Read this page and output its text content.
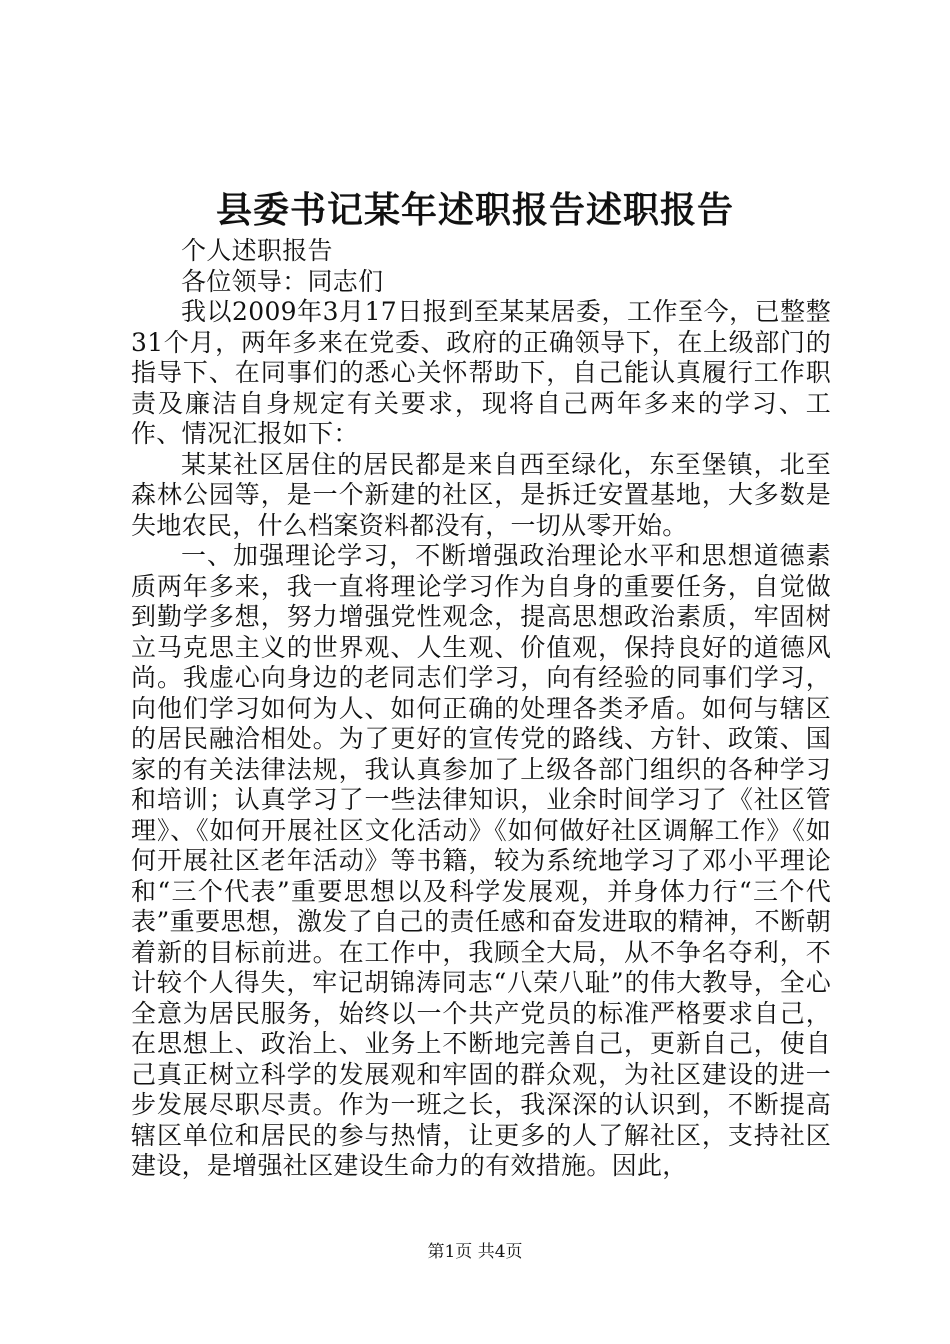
县委书记某年述职报告述职报告

个人述职报告

各位领导：同志们

我以2009年3月17日报到至某某居委，工作至今，已整整31个月，两年多来在党委、政府的正确领导下，在上级部门的指导下、在同事们的悉心关怀帮助下，自己能认真履行工作职责及廉洁自身规定有关要求，现将自己两年多来的学习、工作、情况汇报如下：

某某社区居住的居民都是来自西至绿化，东至堡镇，北至森林公园等，是一个新建的社区，是拆迁安置基地，大多数是失地农民，什么档案资料都没有，一切从零开始。

一、加强理论学习，不断增强政治理论水平和思想道德素质两年多来，我一直将理论学习作为自身的重要任务，自觉做到勤学多想，努力增强党性观念，提高思想政治素质，牢固树立马克思主义的世界观、人生观、价值观，保持良好的道德风尚。我虚心向身边的老同志们学习，向有经验的同事们学习，向他们学习如何为人、如何正确的处理各类矛盾。如何与辖区的居民融洽相处。为了更好的宣传党的路线、方针、政策、国家的有关法律法规，我认真参加了上级各部门组织的各种学习和培训；认真学习了一些法律知识，业余时间学习了《社区管理》、《如何开展社区文化活动》《如何做好社区调解工作》《如何开展社区老年活动》等书籍，较为系统地学习了邓小平理论和“三个代表”重要思想以及科学发展观，并身体力行“三个代表”重要思想，激发了自己的责任感和奋发进取的精神，不断朝着新的目标前进。在工作中，我顾全大局，从不争名夺利，不计较个人得失，牢记胡锦涛同志“八荣八耻”的伟大教导，全心全意为居民服务，始终以一个共产党员的标准严格要求自己，在思想上、政治上、业务上不断地完善自己，更新自己，使自己真正树立科学的发展观和牢固的群众观，为社区建设的进一步发展尽职尽责。作为一班之长，我深深的认识到，不断提高辖区单位和居民的参与热情，让更多的人了解社区，支持社区建设，是增强社区建设生命力的有效措施。因此，

第1页 共4页
